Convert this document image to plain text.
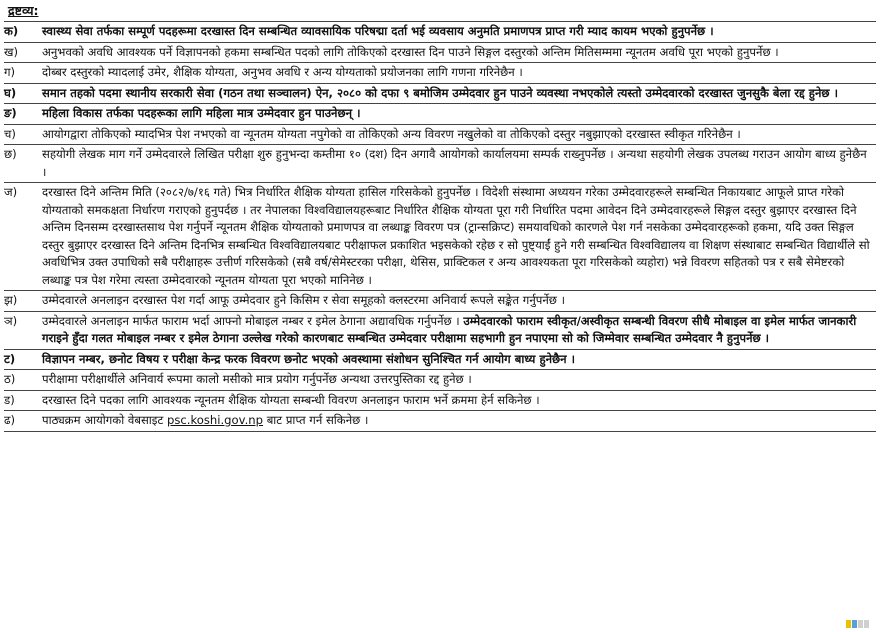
द्रष्टव्य:
क)	स्वास्थ्य सेवा तर्फका सम्पूर्ण पदहरूमा दरखास्त दिन सम्बन्धित व्यावसायिक परिषद्मा दर्ता भई व्यवसाय अनुमति प्रमाणपत्र प्राप्त गरी म्याद कायम भएको हुनुपर्नेछ ।
ख)	अनुभवको अवधि आवश्यक पर्ने विज्ञापनको हकमा सम्बन्धित पदको लागि तोकिएको दरखास्त दिन पाउने सिङ्गल दस्तुरको अन्तिम मितिसम्ममा न्यूनतम अवधि पूरा भएको हुनुपर्नेछ ।
ग)	दोब्बर दस्तुरको म्यादलाई उमेर, शैक्षिक योग्यता, अनुभव अवधि र अन्य योग्यताको प्रयोजनका लागि गणना गरिनेछैन ।
घ)	समान तहको पदमा स्थानीय सरकारी सेवा (गठन तथा सञ्चालन) ऐन, २०८० को दफा ९ बमोजिम उम्मेदवार हुन पाउने व्यवस्था नभएकोले त्यस्तो उम्मेदवारको दरखास्त जुनसुकै बेला रद्द हुनेछ ।
ङ)	महिला विकास तर्फका पदहरूका लागि महिला मात्र उम्मेदवार हुन पाउनेछन् ।
च)	आयोगद्वारा तोकिएको म्यादभित्र पेश नभएको वा न्यूनतम योग्यता नपुगेको वा तोकिएको अन्य विवरण नखुलेको वा तोकिएको दस्तुर नबुझाएको दरखास्त स्वीकृत गरिनेछैन ।
छ)	सहयोगी लेखक माग गर्ने उम्मेदवारले लिखित परीक्षा शुरु हुनुभन्दा कम्तीमा १० (दश) दिन अगावै आयोगको कार्यालयमा सम्पर्क राख्नुपर्नेछ । अन्यथा सहयोगी लेखक उपलब्ध गराउन आयोग बाध्य हुनेछैन ।
ज)	दरखास्त दिने अन्तिम मिति (२०८२/७/१६ गते) भित्र निर्धारित शैक्षिक योग्यता हासिल गरिसकेको हुनुपर्नेछ । विदेशी संस्थामा अध्ययन गरेका उम्मेदवारहरूले सम्बन्धित निकायबाट आफूले प्राप्त गरेको योग्यताको समकक्षता निर्धारण गराएको हुनुपर्दछ । तर नेपालका विश्वविद्यालयहरूबाट निर्धारित शैक्षिक योग्यता पूरा गरी निर्धारित पदमा आवेदन दिने उम्मेदवारहरूले सिङ्गल दस्तुर बुझाएर दरखास्त दिने अन्तिम दिनसम्म दरखास्तसाथ पेश गर्नुपर्ने न्यूनतम शैक्षिक योग्यताको प्रमाणपत्र वा लब्धाङ्क विवरण पत्र (ट्रान्सक्रिप्ट) समयावधिको कारणले पेश गर्न नसकेका उम्मेदवारहरूको हकमा, यदि उक्त सिङ्गल दस्तुर बुझाएर दरखास्त दिने अन्तिम दिनभित्र सम्बन्धित विश्वविद्यालयबाट परीक्षाफल प्रकाशित भइसकेको रहेछ र सो पुष्ट्याईं हुने गरी सम्बन्धित विश्वविद्यालय वा शिक्षण संस्थाबाट सम्बन्धित विद्यार्थीले सो अवधिभित्र उक्त उपाधिको सबै परीक्षाहरू उत्तीर्ण गरिसकेको (सबै वर्ष/सेमेस्टरका परीक्षा, थेसिस, प्राक्टिकल र अन्य आवश्यकता पूरा गरिसकेको व्यहोरा) भन्ने विवरण सहितको पत्र र सबै सेमेष्टरको लब्धाङ्क पत्र पेश गरेमा त्यस्ता उम्मेदवारको न्यूनतम योग्यता पूरा भएको मानिनेछ ।
झ)	उम्मेदवारले अनलाइन दरखास्त पेश गर्दा आफू उम्मेदवार हुने किसिम र सेवा समूहको क्लस्टरमा अनिवार्य रूपले सङ्केत गर्नुपर्नेछ ।
ञ)	उम्मेदवारले अनलाइन मार्फत फाराम भर्दा आफ्नो मोबाइल नम्बर र इमेल ठेगाना अद्यावधिक गर्नुपर्नेछ । उम्मेदवारको फाराम स्वीकृत/अस्वीकृत सम्बन्धी विवरण सीधै मोबाइल वा इमेल मार्फत जानकारी गराइने हुँदा गलत मोबाइल नम्बर र इमेल ठेगाना उल्लेख गरेको कारणबाट सम्बन्धित उम्मेदवार परीक्षामा सहभागी हुन नपाएमा सो को जिम्मेवार सम्बन्धित उम्मेदवार नै हुनुपर्नेछ ।
ट)	विज्ञापन नम्बर, छनोट विषय र परीक्षा केन्द्र फरक विवरण छनोट भएको अवस्थामा संशोधन सुनिश्चित गर्न आयोग बाध्य हुनेछैन ।
ठ)	परीक्षामा परीक्षार्थीले अनिवार्य रूपमा कालो मसीको मात्र प्रयोग गर्नुपर्नेछ अन्यथा उत्तरपुस्तिका रद्द हुनेछ ।
ड)	दरखास्त दिने पदका लागि आवश्यक न्यूनतम शैक्षिक योग्यता सम्बन्धी विवरण अनलाइन फाराम भर्ने क्रममा हेर्न सकिनेछ ।
ढ)	पाठ्यक्रम आयोगको वेबसाइट psc.koshi.gov.np बाट प्राप्त गर्न सकिनेछ ।
